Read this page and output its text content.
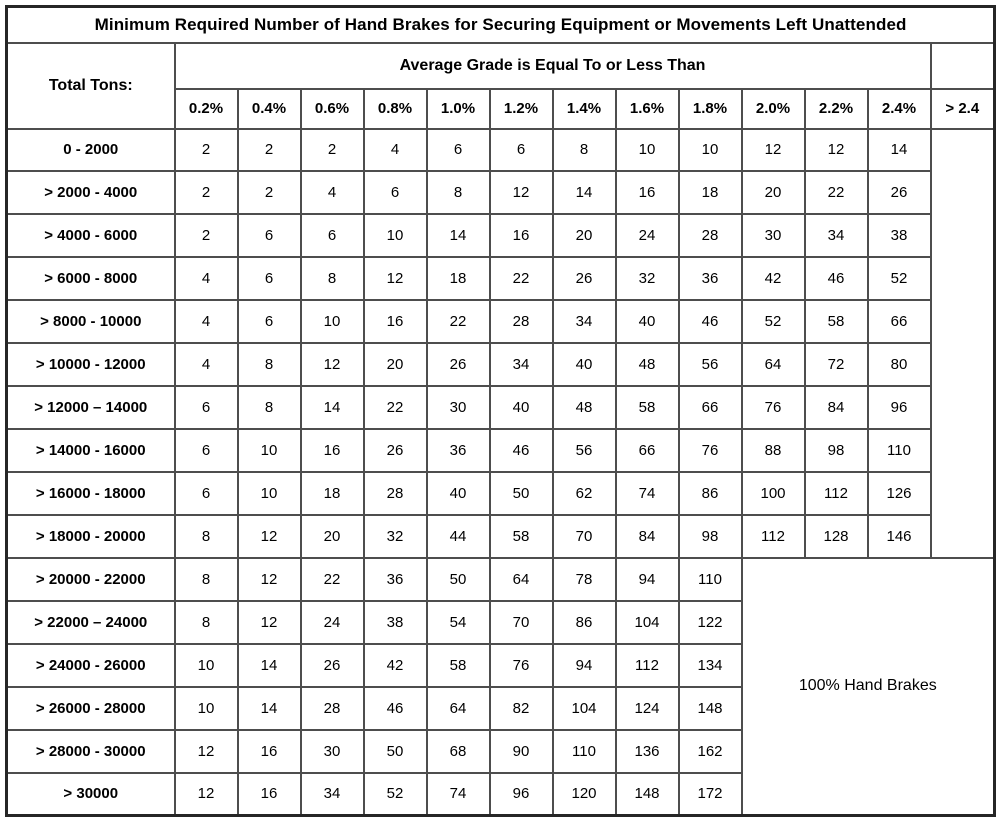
Minimum Required Number of Hand Brakes for Securing Equipment or Movements Left Unattended													
Total Tons:	Average Grade is Equal To or Less Than												
	0.2%	0.4%	0.6%	0.8%	1.0%	1.2%	1.4%	1.6%	1.8%	2.0%	2.2%	2.4%	> 2.4
0 - 2000	2	2	2	4	6	6	8	10	10	12	12	14	
> 2000 - 4000	2	2	4	6	8	12	14	16	18	20	22	26	
> 4000 - 6000	2	6	6	10	14	16	20	24	28	30	34	38	
> 6000 - 8000	4	6	8	12	18	22	26	32	36	42	46	52	
> 8000 - 10000	4	6	10	16	22	28	34	40	46	52	58	66	
> 10000 - 12000	4	8	12	20	26	34	40	48	56	64	72	80	
> 12000 – 14000	6	8	14	22	30	40	48	58	66	76	84	96	
> 14000 - 16000	6	10	16	26	36	46	56	66	76	88	98	110	
> 16000 - 18000	6	10	18	28	40	50	62	74	86	100	112	126	
> 18000 - 20000	8	12	20	32	44	58	70	84	98	112	128	146	
> 20000 - 22000	8	12	22	36	50	64	78	94	110	100% Hand Brakes			
> 22000 – 24000	8	12	24	38	54	70	86	104	122				
> 24000 - 26000	10	14	26	42	58	76	94	112	134				
> 26000 - 28000	10	14	28	46	64	82	104	124	148				
> 28000 - 30000	12	16	30	50	68	90	110	136	162				
> 30000	12	16	34	52	74	96	120	148	172				
